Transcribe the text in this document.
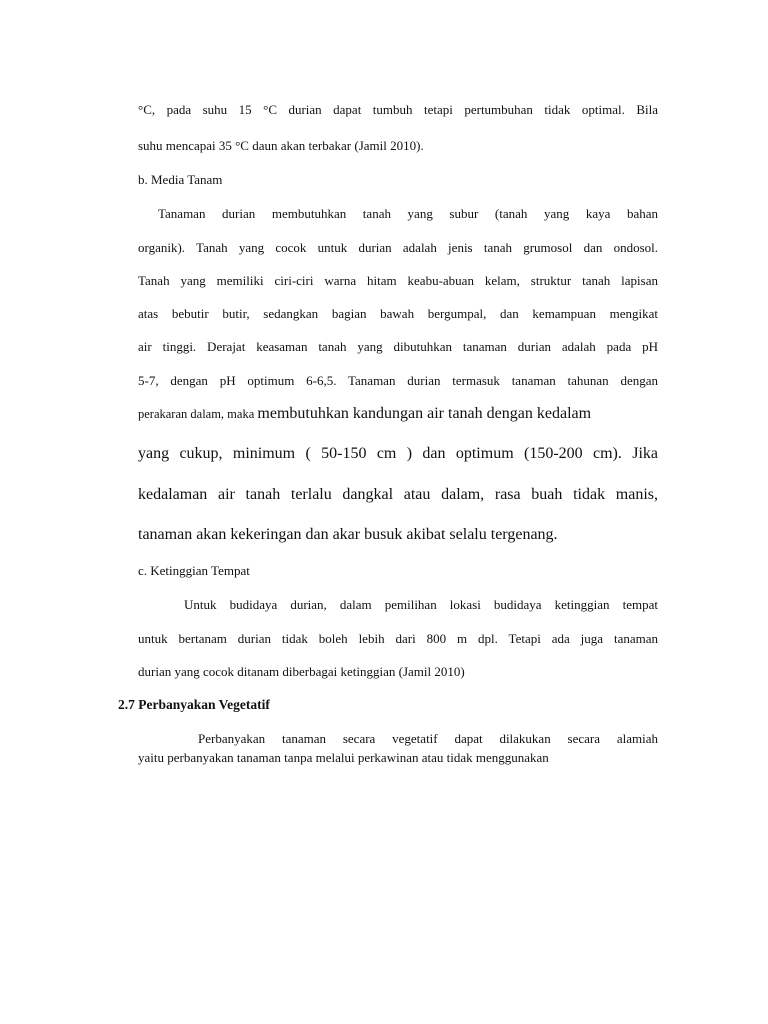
°C, pada suhu 15 °C durian dapat tumbuh tetapi pertumbuhan tidak optimal. Bila
suhu mencapai 35 °C daun akan terbakar (Jamil 2010).
b. Media Tanam
Tanaman durian membutuhkan tanah yang subur (tanah yang kaya bahan
organik). Tanah yang cocok untuk durian adalah jenis tanah grumosol dan ondosol.
Tanah yang memiliki ciri-ciri warna hitam keabu-abuan kelam, struktur tanah lapisan
atas bebutir butir, sedangkan bagian bawah bergumpal, dan kemampuan mengikat
air tinggi. Derajat keasaman tanah yang dibutuhkan tanaman durian adalah pada pH
5-7, dengan pH optimum 6-6,5. Tanaman durian termasuk tanaman tahunan dengan
perakaran dalam, maka membutuhkan kandungan air tanah dengan kedalam
yang cukup, minimum ( 50-150 cm ) dan optimum (150-200 cm). Jika
kedalaman air tanah terlalu dangkal atau dalam, rasa buah tidak manis,
tanaman akan kekeringan dan akar busuk akibat selalu tergenang.
c. Ketinggian Tempat
Untuk budidaya durian, dalam pemilihan lokasi budidaya ketinggian tempat
untuk bertanam durian tidak boleh lebih dari 800 m dpl. Tetapi ada juga tanaman
durian yang cocok ditanam diberbagai ketinggian (Jamil 2010)
2.7 Perbanyakan Vegetatif
Perbanyakan tanaman secara vegetatif dapat dilakukan secara alamiah
yaitu perbanyakan tanaman tanpa melalui perkawinan atau tidak menggunakan
